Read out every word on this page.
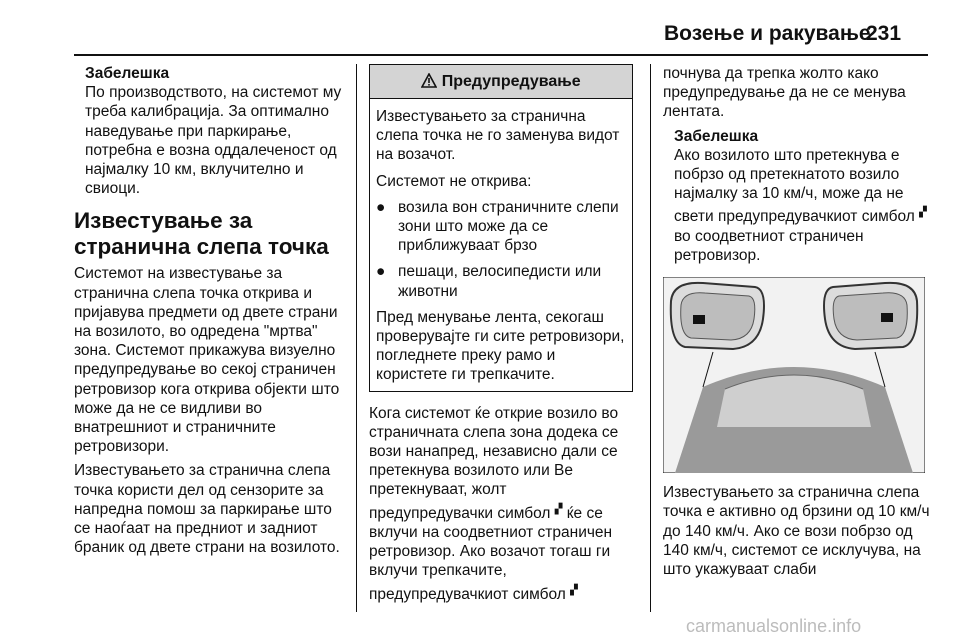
Возење и ракување
231
Забелешка

По производството, на системот му треба калибрација. За оптимално наведување при паркирање, потребна е возна оддалеченост од најмалку 10 км, вклучително и свиоци.

Известување за странична слепа точка

Системот на известување за странична слепа точка открива и пријавува предмети од двете страни на возилото, во одредена "мртва" зона. Системот прикажува визуелно предупредување во секој страничен ретровизор кога открива објекти што може да не се видливи во внатрешниот и страничните ретровизори.

Известувањето за странична слепа точка користи дел од сензорите за напредна помош за паркирање што се наоѓаат на предниот и задниот браник од двете страни на возилото.

Предупредување

Известувањето за странична слепа точка не го заменува видот на возачот.

Системот не открива:

● возила вон страничните слепи зони што може да се приближуваат брзо
● пешаци, велосипедисти или животни

Пред менување лента, секогаш проверувајте ги сите ретровизори, погледнете преку рамо и користете ги трепкачите.

Кога системот ќе открие возило во страничната слепа зона додека се вози нанапред, независно дали се претекнува возилото или Ве претекнуваат, жолт предупредувачки симбол ▞ ќе се вклучи на соодветниот страничен ретровизор. Ако возачот тогаш ги вклучи трепкачите, предупредувачкиот симбол ▞

почнува да трепка жолто како предупредување да не се менува лентата.

Забелешка

Ако возилото што претекнува е побрзо од претекнатото возило најмалку за 10 км/ч, може да не свети предупредувачкиот симбол ▞ во соодветниот страничен ретровизор.

Известувањето за странична слепа точка е активно од брзини од 10 км/ч до 140 км/ч. Ако се вози побрзо од 140 км/ч, системот се исклучува, на што укажуваат слаби

carmanualsonline.info
